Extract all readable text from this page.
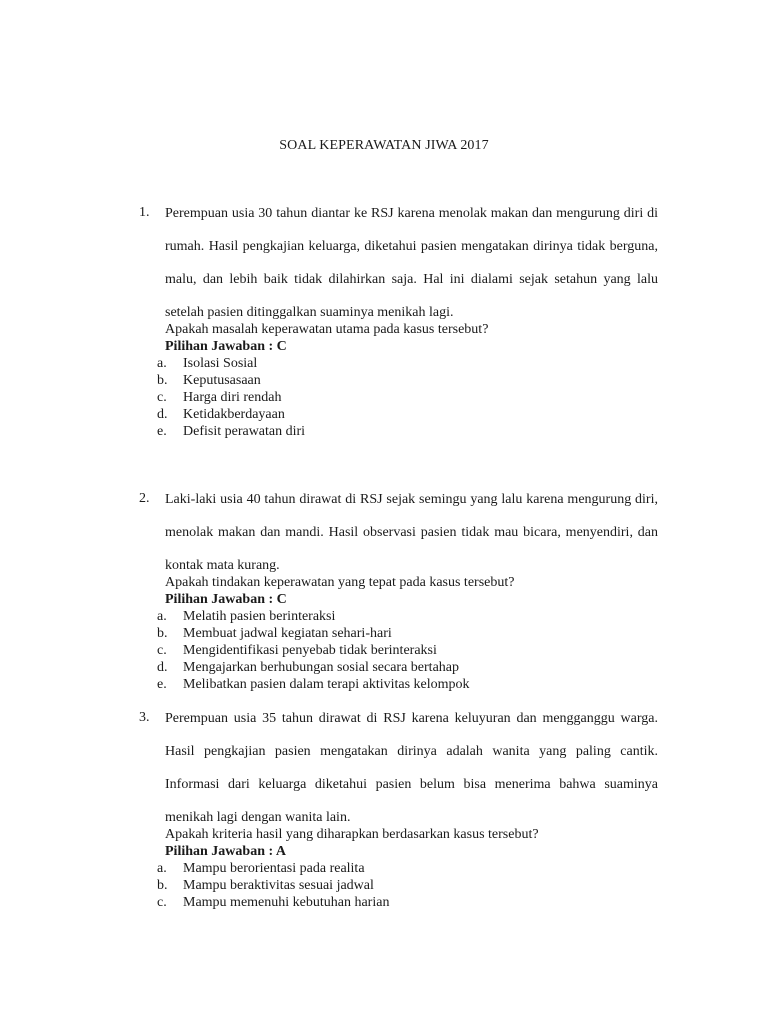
SOAL KEPERAWATAN JIWA 2017
1. Perempuan usia 30 tahun diantar ke RSJ karena menolak makan dan mengurung diri di rumah. Hasil pengkajian keluarga, diketahui pasien mengatakan dirinya tidak berguna, malu, dan lebih baik tidak dilahirkan saja. Hal ini dialami sejak setahun yang lalu setelah pasien ditinggalkan suaminya menikah lagi.

Apakah masalah keperawatan utama pada kasus tersebut?

Pilihan Jawaban : C

a.	Isolasi Sosial
b.	Keputusasaan
c.	Harga diri rendah
d.	Ketidakberdayaan
e.	Defisit perawatan diri
2. Laki-laki usia 40 tahun dirawat di RSJ sejak semingu yang lalu karena mengurung diri, menolak makan dan mandi. Hasil observasi pasien tidak mau bicara, menyendiri, dan kontak mata kurang.

Apakah tindakan keperawatan yang tepat pada kasus tersebut?

Pilihan Jawaban : C

a.	Melatih pasien berinteraksi
b.	Membuat jadwal kegiatan sehari-hari
c.	Mengidentifikasi penyebab tidak berinteraksi
d.	Mengajarkan berhubungan sosial secara bertahap
e.	Melibatkan pasien dalam terapi aktivitas kelompok
3. Perempuan usia 35 tahun dirawat di RSJ karena keluyuran dan mengganggu warga. Hasil pengkajian pasien mengatakan dirinya adalah wanita yang paling cantik. Informasi dari keluarga diketahui pasien belum bisa menerima bahwa suaminya menikah lagi dengan wanita lain.

Apakah kriteria hasil yang diharapkan berdasarkan kasus tersebut?

Pilihan Jawaban : A

a.	Mampu berorientasi pada realita
b.	Mampu beraktivitas sesuai jadwal
c.	Mampu memenuhi kebutuhan harian
